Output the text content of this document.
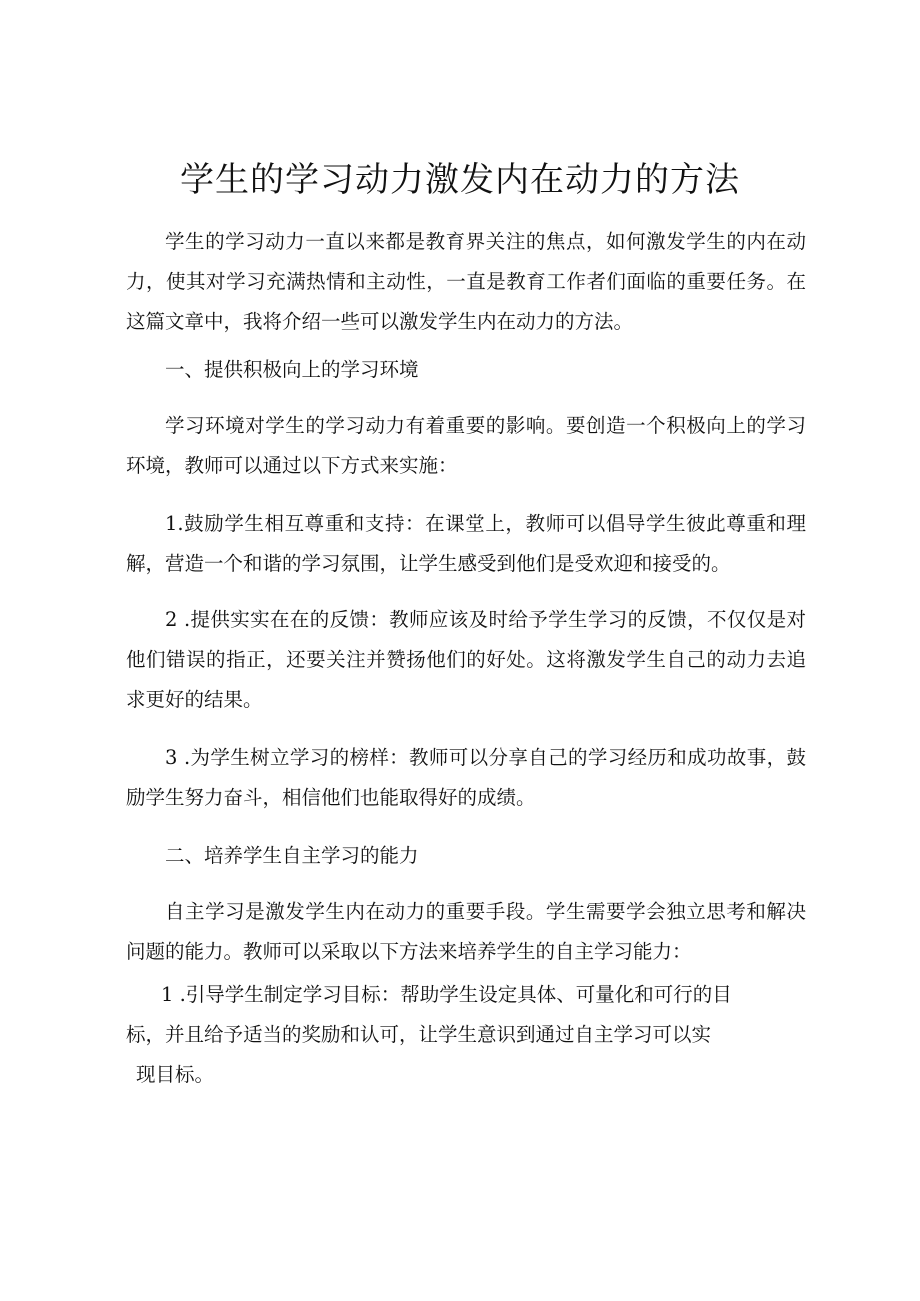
学生的学习动力激发内在动力的方法

学生的学习动力一直以来都是教育界关注的焦点，如何激发学生的内在动力，使其对学习充满热情和主动性，一直是教育工作者们面临的重要任务。在这篇文章中，我将介绍一些可以激发学生内在动力的方法。

一、提供积极向上的学习环境

学习环境对学生的学习动力有着重要的影响。要创造一个积极向上的学习环境，教师可以通过以下方式来实施：

1.鼓励学生相互尊重和支持：在课堂上，教师可以倡导学生彼此尊重和理解，营造一个和谐的学习氛围，让学生感受到他们是受欢迎和接受的。

2 .提供实实在在的反馈：教师应该及时给予学生学习的反馈，不仅仅是对他们错误的指正，还要关注并赞扬他们的好处。这将激发学生自己的动力去追求更好的结果。

3 .为学生树立学习的榜样：教师可以分享自己的学习经历和成功故事，鼓励学生努力奋斗，相信他们也能取得好的成绩。

二、培养学生自主学习的能力

自主学习是激发学生内在动力的重要手段。学生需要学会独立思考和解决问题的能力。教师可以采取以下方法来培养学生的自主学习能力：

1 .引导学生制定学习目标：帮助学生设定具体、可量化和可行的目
标，并且给予适当的奖励和认可，让学生意识到通过自主学习可以实
现目标。
